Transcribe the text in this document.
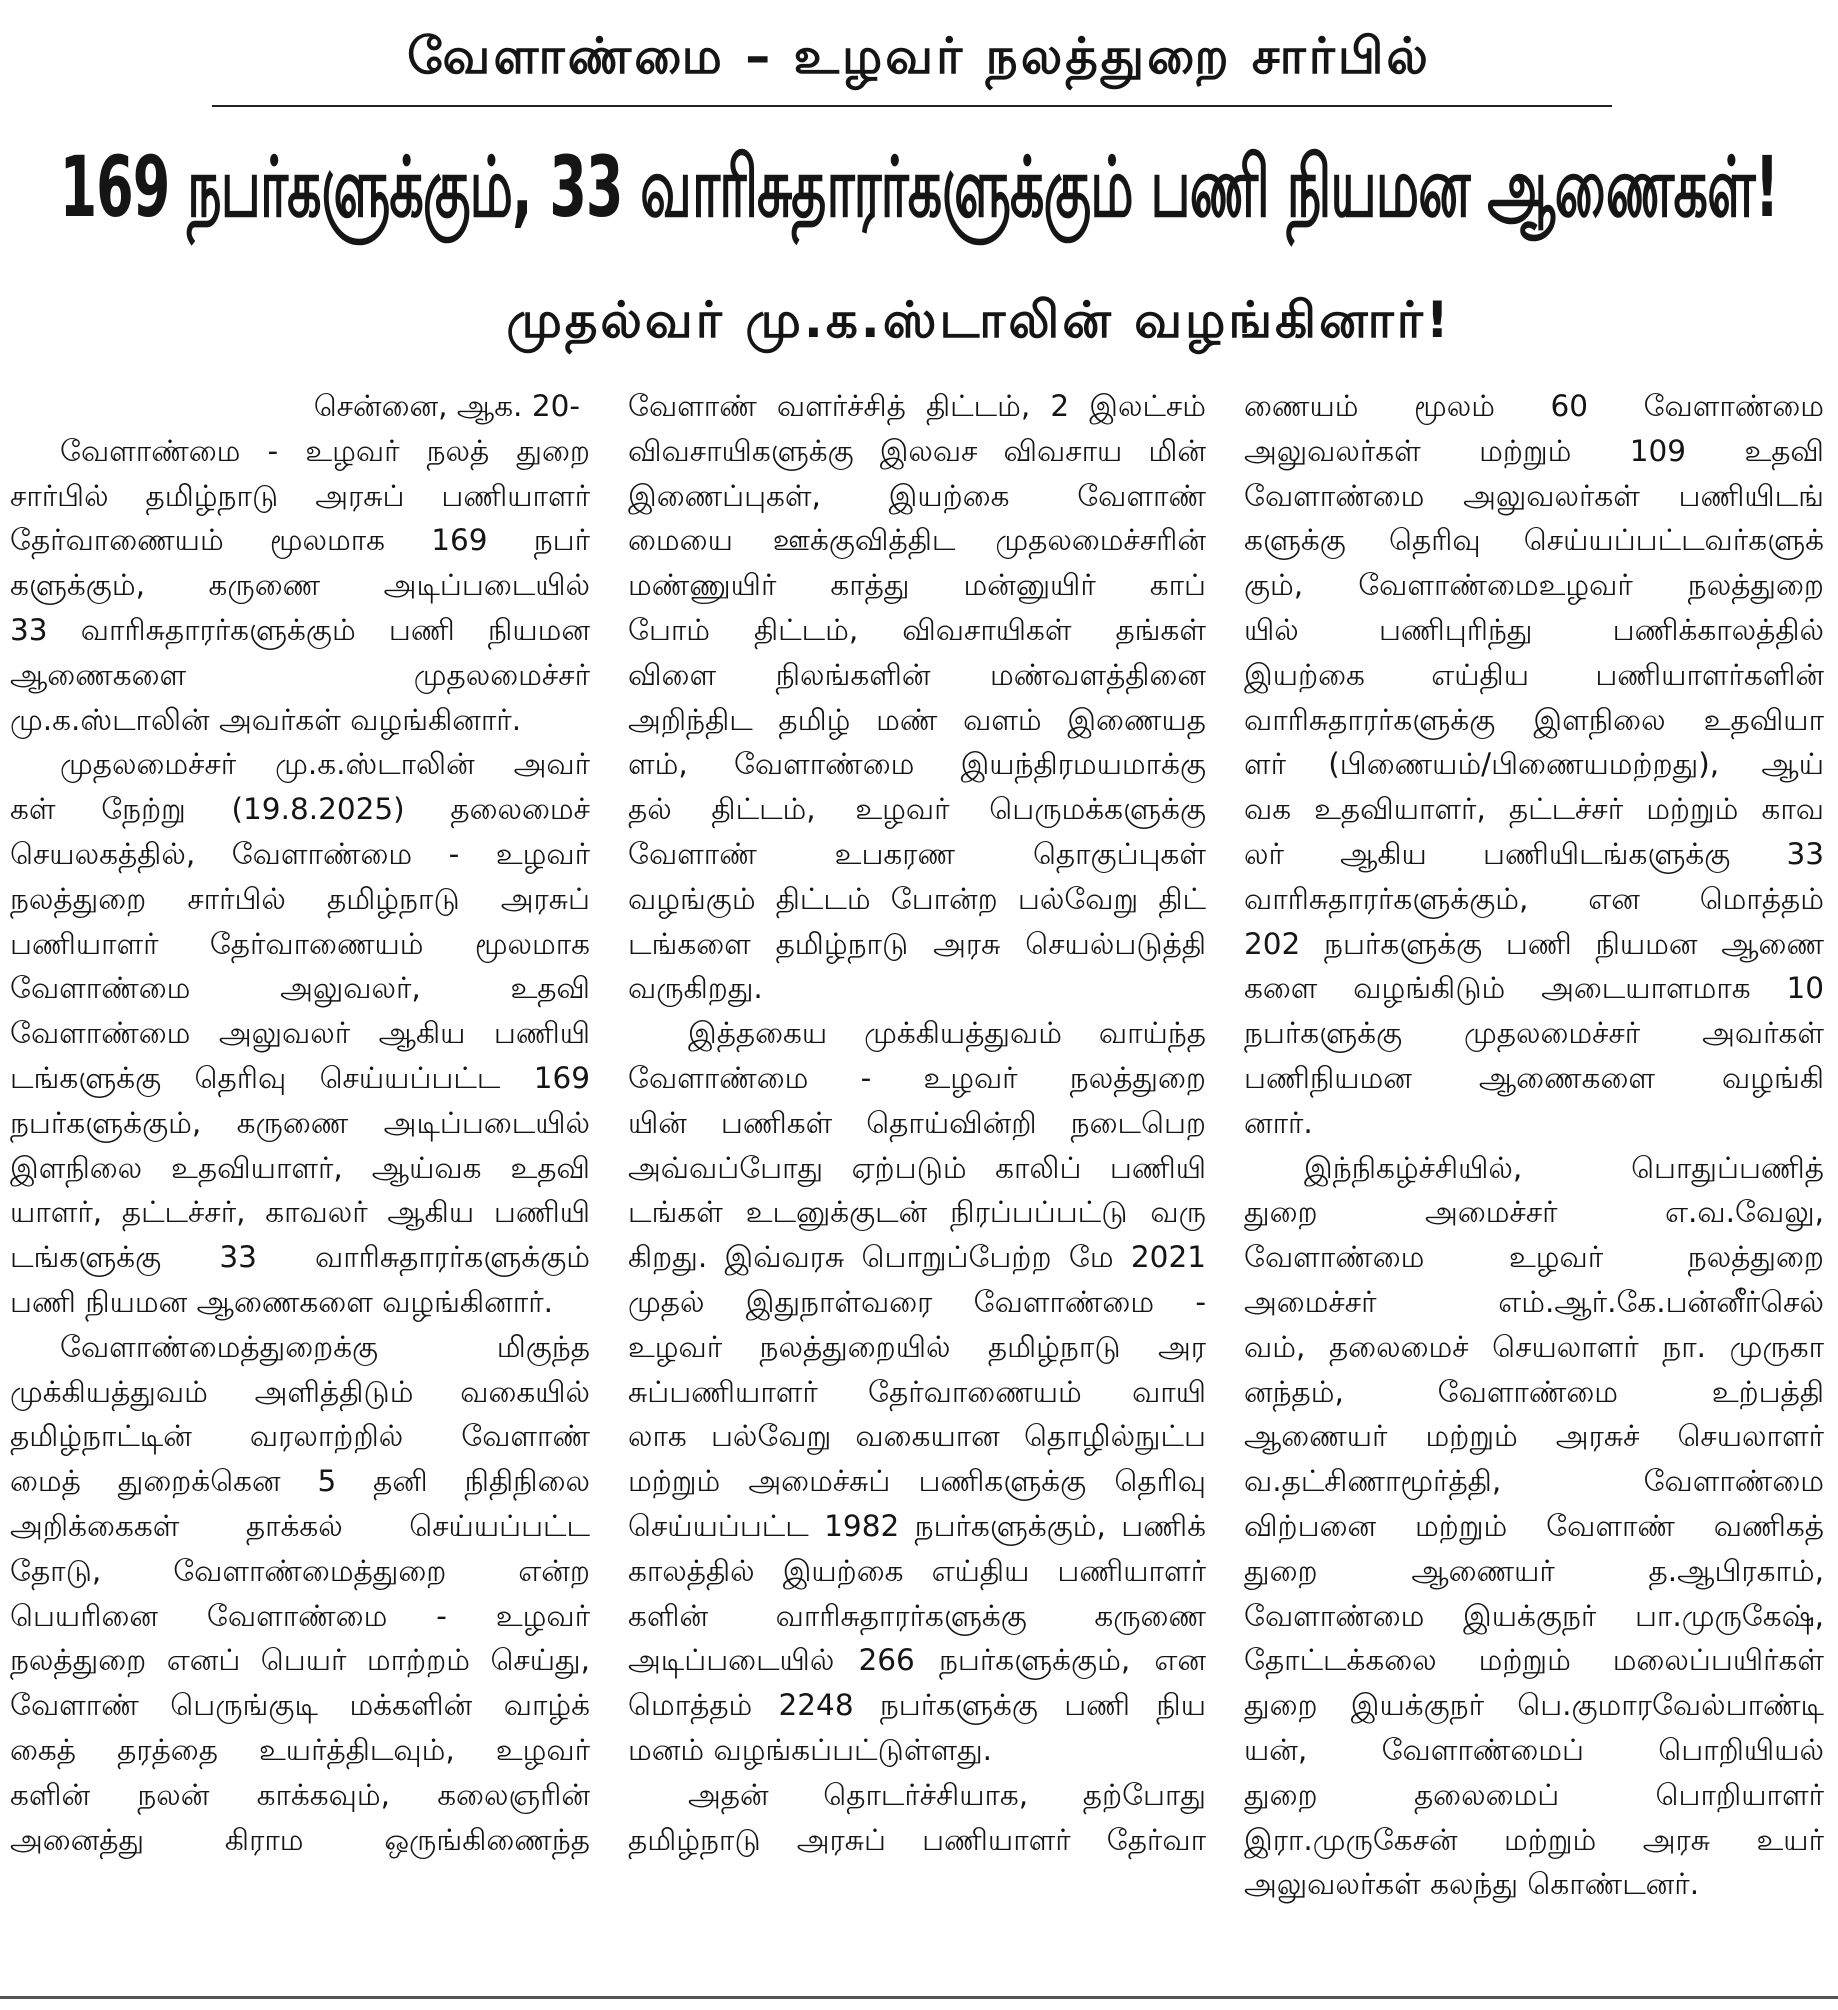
வேளாண்மை – உழவர் நலத்துறை சார்பில்
169 நபர்களுக்கும், 33 வாரிசுதாரர்களுக்கும் பணி நியமன ஆணைகள்!
முதல்வர் மு.க.ஸ்டாலின் வழங்கினார்!
சென்னை, ஆக. 20-
வேளாண்மை - உழவர் நலத் துறை
சார்பில் தமிழ்நாடு அரசுப் பணியாளர்
தேர்வாணையம் மூலமாக 169 நபர்
களுக்கும், கருணை அடிப்படையில்
33 வாரிசுதாரர்களுக்கும் பணி நியமன
ஆணைகளை முதலமைச்சர்
மு.க.ஸ்டாலின் அவர்கள் வழங்கினார்.
முதலமைச்சர் மு.க.ஸ்டாலின் அவர்
கள் நேற்று (19.8.2025) தலைமைச்
செயலகத்தில், வேளாண்மை - உழவர்
நலத்துறை சார்பில் தமிழ்நாடு அரசுப்
பணியாளர் தேர்வாணையம் மூலமாக
வேளாண்மை அலுவலர், உதவி
வேளாண்மை அலுவலர் ஆகிய பணியி
டங்களுக்கு தெரிவு செய்யப்பட்ட 169
நபர்களுக்கும், கருணை அடிப்படையில்
இளநிலை உதவியாளர், ஆய்வக உதவி
யாளர், தட்டச்சர், காவலர் ஆகிய பணியி
டங்களுக்கு 33 வாரிசுதாரர்களுக்கும்
பணி நியமன ஆணைகளை வழங்கினார்.
வேளாண்மைத்துறைக்கு மிகுந்த
முக்கியத்துவம் அளித்திடும் வகையில்
தமிழ்நாட்டின் வரலாற்றில் வேளாண்
மைத் துறைக்கென 5 தனி நிதிநிலை
அறிக்கைகள் தாக்கல் செய்யப்பட்ட
தோடு, வேளாண்மைத்துறை என்ற
பெயரினை வேளாண்மை - உழவர்
நலத்துறை எனப் பெயர் மாற்றம் செய்து,
வேளாண் பெருங்குடி மக்களின் வாழ்க்
கைத் தரத்தை உயர்த்திடவும், உழவர்
களின் நலன் காக்கவும், கலைஞரின்
அனைத்து கிராம ஒருங்கிணைந்த
வேளாண் வளர்ச்சித் திட்டம், 2 இலட்சம்
விவசாயிகளுக்கு இலவச விவசாய மின்
இணைப்புகள், இயற்கை வேளாண்
மையை ஊக்குவித்திட முதலமைச்சரின்
மண்ணுயிர் காத்து மன்னுயிர் காப்
போம் திட்டம், விவசாயிகள் தங்கள்
விளை நிலங்களின் மண்வளத்தினை
அறிந்திட தமிழ் மண் வளம் இணையத
ளம், வேளாண்மை இயந்திரமயமாக்கு
தல் திட்டம், உழவர் பெருமக்களுக்கு
வேளாண் உபகரண தொகுப்புகள்
வழங்கும் திட்டம் போன்ற பல்வேறு திட்
டங்களை தமிழ்நாடு அரசு செயல்படுத்தி
வருகிறது.
இத்தகைய முக்கியத்துவம் வாய்ந்த
வேளாண்மை - உழவர் நலத்துறை
யின் பணிகள் தொய்வின்றி நடைபெற
அவ்வப்போது ஏற்படும் காலிப் பணியி
டங்கள் உடனுக்குடன் நிரப்பப்பட்டு வரு
கிறது. இவ்வரசு பொறுப்பேற்ற மே 2021
முதல் இதுநாள்வரை வேளாண்மை -
உழவர் நலத்துறையில் தமிழ்நாடு அர
சுப்பணியாளர் தேர்வாணையம் வாயி
லாக பல்வேறு வகையான தொழில்நுட்ப
மற்றும் அமைச்சுப் பணிகளுக்கு தெரிவு
செய்யப்பட்ட 1982 நபர்களுக்கும், பணிக்
காலத்தில் இயற்கை எய்திய பணியாளர்
களின் வாரிசுதாரர்களுக்கு கருணை
அடிப்படையில் 266 நபர்களுக்கும், என
மொத்தம் 2248 நபர்களுக்கு பணி நிய
மனம் வழங்கப்பட்டுள்ளது.
அதன் தொடர்ச்சியாக, தற்போது
தமிழ்நாடு அரசுப் பணியாளர் தேர்வா
ணையம் மூலம் 60 வேளாண்மை
அலுவலர்கள் மற்றும் 109 உதவி
வேளாண்மை அலுவலர்கள் பணியிடங்
களுக்கு தெரிவு செய்யப்பட்டவர்களுக்
கும், வேளாண்மைஉழவர் நலத்துறை
யில் பணிபுரிந்து பணிக்காலத்தில்
இயற்கை எய்திய பணியாளர்களின்
வாரிசுதாரர்களுக்கு இளநிலை உதவியா
ளர் (பிணையம்/பிணையமற்றது), ஆய்
வக உதவியாளர், தட்டச்சர் மற்றும் காவ
லர் ஆகிய பணியிடங்களுக்கு 33
வாரிசுதாரர்களுக்கும், என மொத்தம்
202 நபர்களுக்கு பணி நியமன ஆணை
களை வழங்கிடும் அடையாளமாக 10
நபர்களுக்கு முதலமைச்சர் அவர்கள்
பணிநியமன ஆணைகளை வழங்கி
னார்.
இந்நிகழ்ச்சியில், பொதுப்பணித்
துறை அமைச்சர் எ.வ.வேலு,
வேளாண்மை உழவர் நலத்துறை
அமைச்சர் எம்.ஆர்.கே.பன்னீர்செல்
வம், தலைமைச் செயலாளர் நா. முருகா
னந்தம், வேளாண்மை உற்பத்தி
ஆணையர் மற்றும் அரசுச் செயலாளர்
வ.தட்சிணாமூர்த்தி, வேளாண்மை
விற்பனை மற்றும் வேளாண் வணிகத்
துறை ஆணையர் த.ஆபிரகாம்,
வேளாண்மை இயக்குநர் பா.முருகேஷ்,
தோட்டக்கலை மற்றும் மலைப்பயிர்கள்
துறை இயக்குநர் பெ.குமாரவேல்பாண்டி
யன், வேளாண்மைப் பொறியியல்
துறை தலைமைப் பொறியாளர்
இரா.முருகேசன் மற்றும் அரசு உயர்
அலுவலர்கள் கலந்து கொண்டனர்.
